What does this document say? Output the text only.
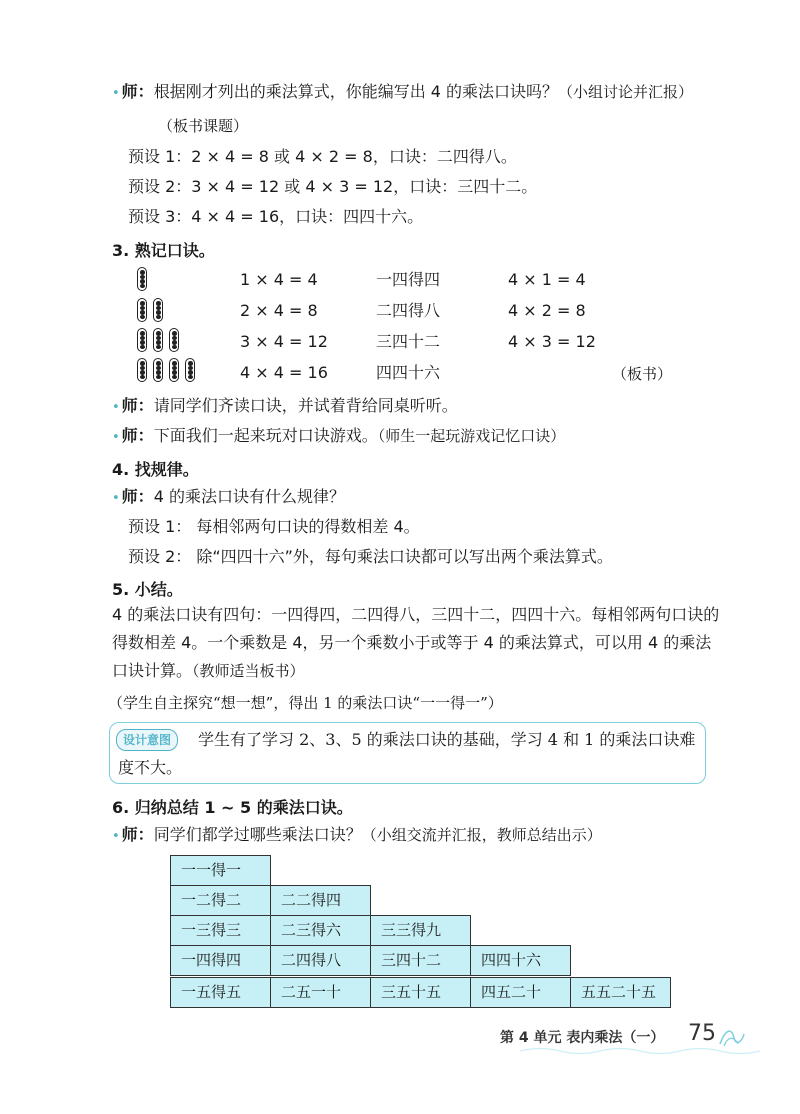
• 师：根据刚才列出的乘法算式，你能编写出 4 的乘法口诀吗？（小组讨论并汇报）
（板书课题）
预设 1：2 × 4 = 8 或 4 × 2 = 8，口诀：二四得八。
预设 2：3 × 4 = 12 或 4 × 3 = 12，口诀：三四十二。
预设 3：4 × 4 = 16，口诀：四四十六。
3. 熟记口诀。
1 × 4 = 4	一四得四	4 × 1 = 4
2 × 4 = 8	二四得八	4 × 2 = 8
3 × 4 = 12	三四十二	4 × 3 = 12
4 × 4 = 16	四四十六	（板书）
• 师：请同学们齐读口诀，并试着背给同桌听听。
• 师：下面我们一起来玩对口诀游戏。（师生一起玩游戏记忆口诀）
4. 找规律。
• 师：4 的乘法口诀有什么规律？
预设 1： 每相邻两句口诀的得数相差 4。
预设 2： 除“四四十六”外，每句乘法口诀都可以写出两个乘法算式。
5. 小结。
4 的乘法口诀有四句：一四得四，二四得八，三四十二，四四十六。每相邻两句口诀的得数相差 4。一个乘数是 4，另一个乘数小于或等于 4 的乘法算式，可以用 4 的乘法口诀计算。（教师适当板书）
（学生自主探究“想一想”，得出 1 的乘法口诀“一一得一”）
设计意图	学生有了学习 2、3、5 的乘法口诀的基础，学习 4 和 1 的乘法口诀难度不大。
6. 归纳总结 1 ~ 5 的乘法口诀。
• 师：同学们都学过哪些乘法口诀？（小组交流并汇报，教师总结出示）
一一得一
一二得二	二二得四
一三得三	二三得六	三三得九
一四得四	二四得八	三四十二	四四十六
一五得五	二五一十	三五十五	四五二十	五五二十五
第 4 单元 表内乘法（一） 75
